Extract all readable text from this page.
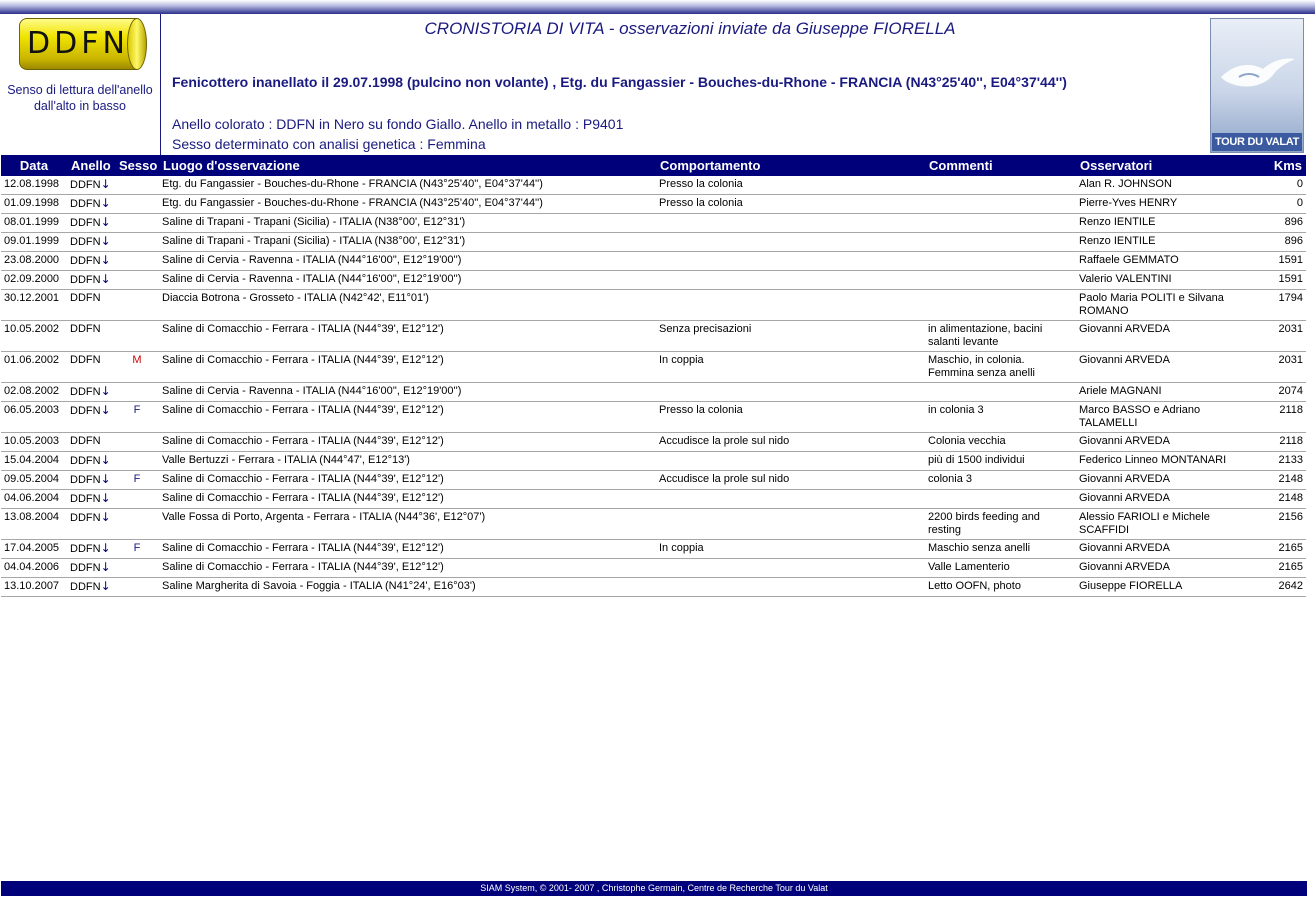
DDFN
Senso di lettura dell'anello dall'alto in basso
CRONISTORIA DI VITA - osservazioni inviate da Giuseppe FIORELLA
Fenicottero inanellato il 29.07.1998 (pulcino non volante) , Etg. du Fangassier - Bouches-du-Rhone - FRANCIA (N43°25'40'', E04°37'44'')
Anello colorato : DDFN in Nero su fondo Giallo. Anello in metallo : P9401
Sesso determinato con analisi genetica : Femmina	TOUR DU VALAT
Data	Anello	Sesso	Luogo d'osservazione	Comportamento	Commenti	Osservatori	Kms
12.08.1998	DDFN↓		Etg. du Fangassier - Bouches-du-Rhone - FRANCIA (N43°25'40'', E04°37'44'')	Presso la colonia		Alan R. JOHNSON	0
01.09.1998	DDFN↓		Etg. du Fangassier - Bouches-du-Rhone - FRANCIA (N43°25'40'', E04°37'44'')	Presso la colonia		Pierre-Yves HENRY	0
08.01.1999	DDFN↓		Saline di Trapani - Trapani (Sicilia) - ITALIA (N38°00', E12°31')			Renzo IENTILE	896
09.01.1999	DDFN↓		Saline di Trapani - Trapani (Sicilia) - ITALIA (N38°00', E12°31')			Renzo IENTILE	896
23.08.2000	DDFN↓		Saline di Cervia - Ravenna - ITALIA (N44°16'00'', E12°19'00'')			Raffaele GEMMATO	1591
02.09.2000	DDFN↓		Saline di Cervia - Ravenna - ITALIA (N44°16'00'', E12°19'00'')			Valerio VALENTINI	1591
30.12.2001	DDFN		Diaccia Botrona - Grosseto - ITALIA (N42°42', E11°01')			Paolo Maria POLITI e Silvana ROMANO	1794
10.05.2002	DDFN		Saline di Comacchio - Ferrara - ITALIA (N44°39', E12°12')	Senza precisazioni	in alimentazione, bacini salanti levante	Giovanni ARVEDA	2031
01.06.2002	DDFN	M	Saline di Comacchio - Ferrara - ITALIA (N44°39', E12°12')	In coppia	Maschio, in colonia. Femmina senza anelli	Giovanni ARVEDA	2031
02.08.2002	DDFN↓		Saline di Cervia - Ravenna - ITALIA (N44°16'00'', E12°19'00'')			Ariele MAGNANI	2074
06.05.2003	DDFN↓	F	Saline di Comacchio - Ferrara - ITALIA (N44°39', E12°12')	Presso la colonia	in colonia 3	Marco BASSO e Adriano TALAMELLI	2118
10.05.2003	DDFN		Saline di Comacchio - Ferrara - ITALIA (N44°39', E12°12')	Accudisce la prole sul nido	Colonia vecchia	Giovanni ARVEDA	2118
15.04.2004	DDFN↓		Valle Bertuzzi - Ferrara - ITALIA (N44°47', E12°13')		più di 1500 individui	Federico Linneo MONTANARI	2133
09.05.2004	DDFN↓	F	Saline di Comacchio - Ferrara - ITALIA (N44°39', E12°12')	Accudisce la prole sul nido	colonia 3	Giovanni ARVEDA	2148
04.06.2004	DDFN↓		Saline di Comacchio - Ferrara - ITALIA (N44°39', E12°12')			Giovanni ARVEDA	2148
13.08.2004	DDFN↓		Valle Fossa di Porto, Argenta - Ferrara - ITALIA (N44°36', E12°07')		2200 birds feeding and resting	Alessio FARIOLI e Michele SCAFFIDI	2156
17.04.2005	DDFN↓	F	Saline di Comacchio - Ferrara - ITALIA (N44°39', E12°12')	In coppia	Maschio senza anelli	Giovanni ARVEDA	2165
04.04.2006	DDFN↓		Saline di Comacchio - Ferrara - ITALIA (N44°39', E12°12')		Valle Lamenterio	Giovanni ARVEDA	2165
13.10.2007	DDFN↓		Saline Margherita di Savoia - Foggia - ITALIA (N41°24', E16°03')		Letto OOFN, photo	Giuseppe FIORELLA	2642
SIAM System, © 2001- 2007 , Christophe Germain, Centre de Recherche Tour du Valat
